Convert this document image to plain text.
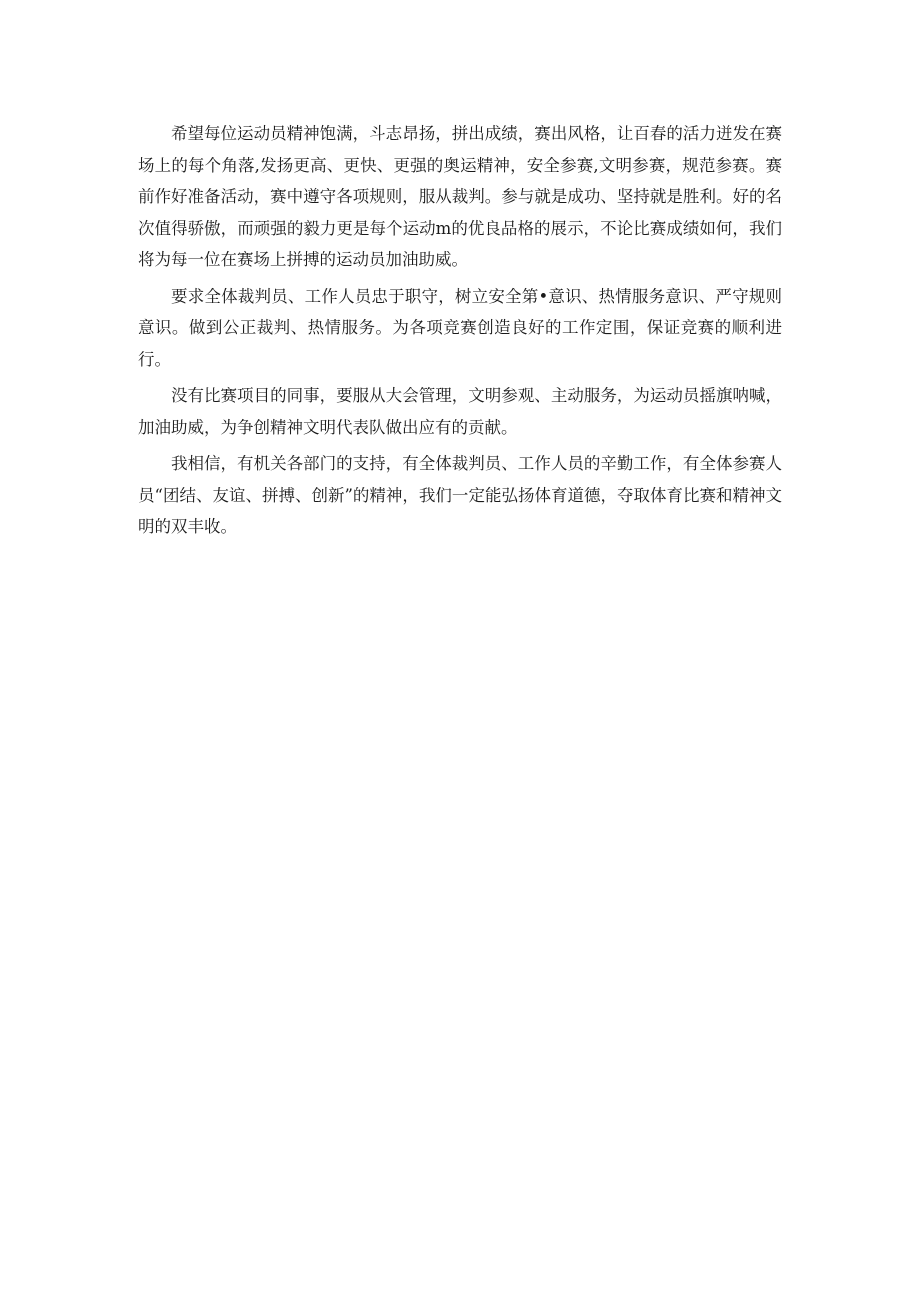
希望每位运动员精神饱满，斗志昂扬，拼出成绩，赛出风格，让百春的活力迸发在赛场上的每个角落,发扬更高、更快、更强的奥运精神，安全参赛,文明参赛，规范参赛。赛前作好准备活动，赛中遵守各项规则，服从裁判。参与就是成功、坚持就是胜利。好的名次值得骄傲，而顽强的毅力更是每个运动m的优良品格的展示，不论比赛成绩如何，我们将为每一位在赛场上拼搏的运动员加油助威。

要求全体裁判员、工作人员忠于职守，树立安全第•意识、热情服务意识、严守规则意识。做到公正裁判、热情服务。为各项竞赛创造良好的工作定围，保证竞赛的顺利进行。

没有比赛项目的同事，要服从大会管理，文明参观、主动服务，为运动员摇旗呐喊，加油助威，为争创精神文明代表队做出应有的贡献。

我相信，有机关各部门的支持，有全体裁判员、工作人员的辛勤工作，有全体参赛人员“团结、友谊、拼搏、创新”的精神，我们一定能弘扬体育道德，夺取体育比赛和精神文明的双丰收。
